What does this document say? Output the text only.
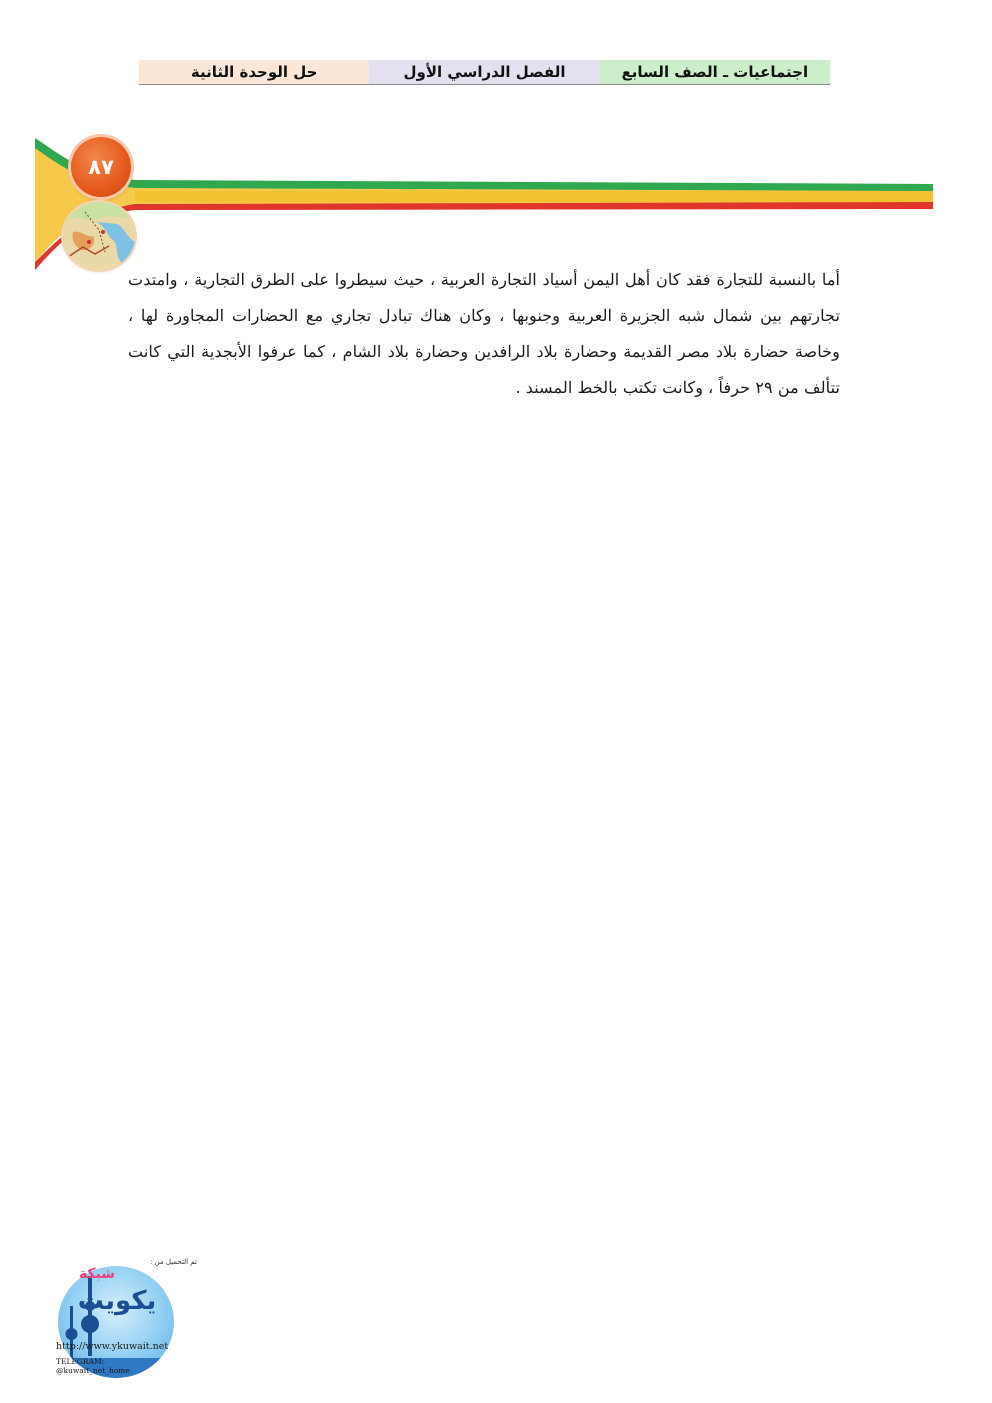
اجتماعيات ـ الصف السابع
الفصل الدراسي الأول
حل الوحدة الثانية
٨٧
أما بالنسبة للتجارة فقد كان أهل اليمن أسياد التجارة العربية ، حيث سيطروا على الطرق التجارية ، وامتدت تجارتهم بين شمال شبه الجزيرة العربية وجنوبها ، وكان هناك تبادل تجاري مع الحضارات المجاورة لها ، وخاصة حضارة بلاد مصر القديمة وحضارة بلاد الرافدين وحضارة بلاد الشام ، كما عرفوا الأبجدية التي كانت تتألف من ٢٩ حرفاً ، وكانت تكتب بالخط المسند .
تم التحميل من :
شبكة
يكويت
http://www.ykuwait.net
TELEGRAM: @kuwait_net_home
